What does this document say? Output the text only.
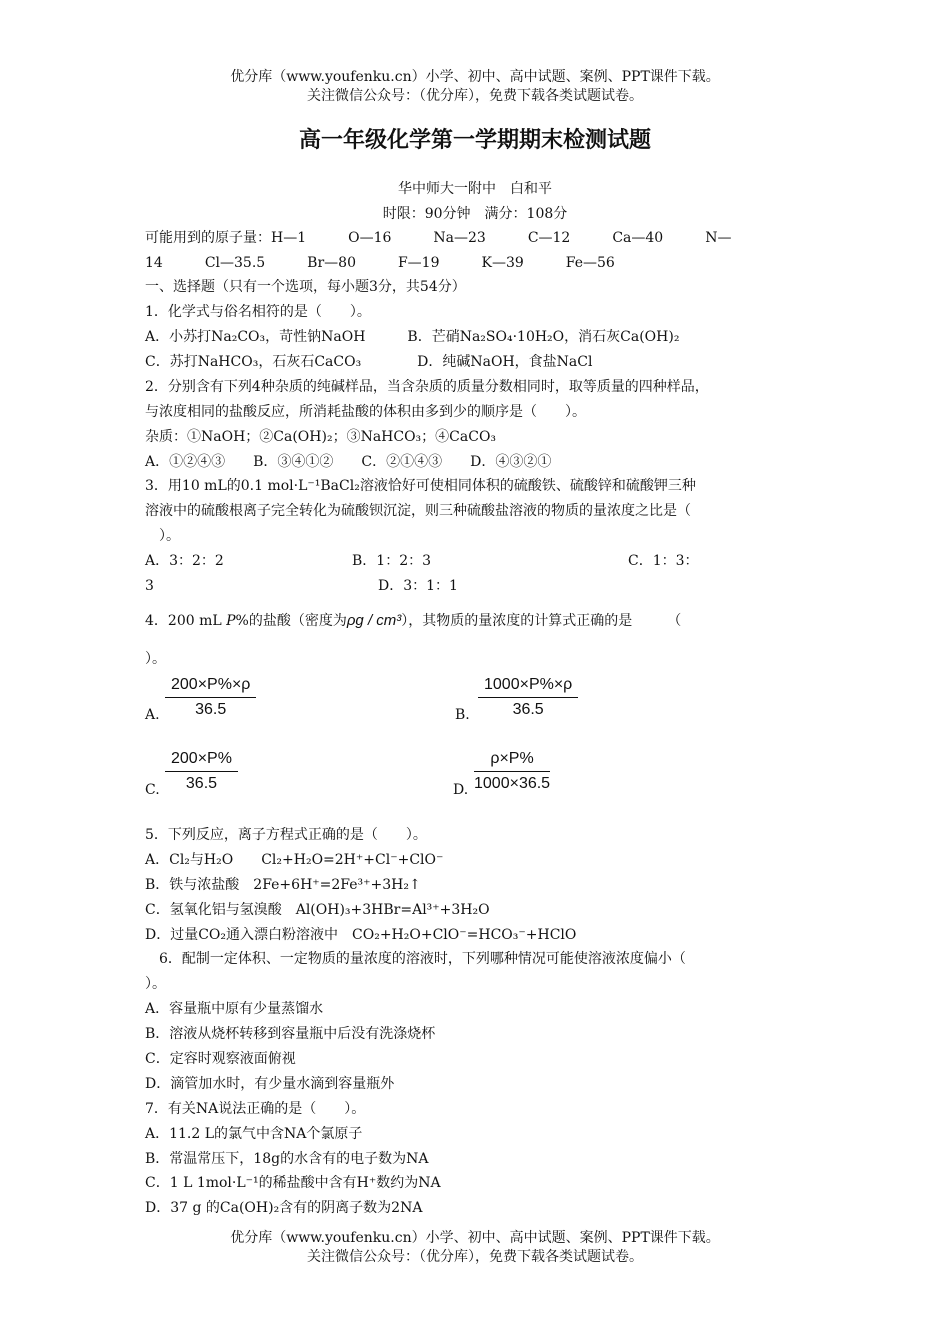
优分库（www.youfenku.cn）小学、初中、高中试题、案例、PPT课件下载。
关注微信公众号：（优分库），免费下载各类试题试卷。
高一年级化学第一学期期末检测试题
华中师大一附中　白和平
时限：90分钟　满分：108分
可能用到的原子量：H—1　　　O—16　　　Na—23　　　C—12　　　Ca—40　　　N—
14　　　Cl—35.5　　　Br—80　　　F—19　　　K—39　　　Fe—56
一、选择题（只有一个选项，每小题3分，共54分）
1．化学式与俗名相符的是（　　）。
A．小苏打Na₂CO₃，苛性钠NaOH　　　B．芒硝Na₂SO₄·10H₂O，消石灰Ca(OH)₂
C．苏打NaHCO₃，石灰石CaCO₃　　　　D．纯碱NaOH，食盐NaCl
2．分别含有下列4种杂质的纯碱样品，当含杂质的质量分数相同时，取等质量的四种样品，
与浓度相同的盐酸反应，所消耗盐酸的体积由多到少的顺序是（　　）。
杂质：①NaOH；②Ca(OH)₂；③NaHCO₃；④CaCO₃
A．①②④③　　B．③④①②　　C．②①④③　　D．④③②①
3．用10 mL的0.1 mol·L⁻¹BaCl₂溶液恰好可使相同体积的硫酸铁、硫酸锌和硫酸钾三种
溶液中的硫酸根离子完全转化为硫酸钡沉淀，则三种硫酸盐溶液的物质的量浓度之比是（
　）。
A．3：2：2	B．1：2：3	C．1：3：
3	D．3：1：1
4．200 mL P%的盐酸（密度为ρg / cm³），其物质的量浓度的计算式正确的是　　　（
）。
A. $\frac{200\times P\%\times\rho}{36.5}$	B. $\frac{1000\times P\%\times\rho}{36.5}$
C. $\frac{200\times P\%}{36.5}$	D. $\frac{\rho\times P\%}{1000\times 36.5}$
5．下列反应，离子方程式正确的是（　　）。
A．Cl₂与H₂O　　Cl₂+H₂O=2H⁺+Cl⁻+ClO⁻
B．铁与浓盐酸　2Fe+6H⁺=2Fe³⁺+3H₂↑
C．氢氧化铝与氢溴酸　Al(OH)₃+3HBr=Al³⁺+3H₂O
D．过量CO₂通入漂白粉溶液中　CO₂+H₂O+ClO⁻=HCO₃⁻+HClO
　6．配制一定体积、一定物质的量浓度的溶液时，下列哪种情况可能使溶液浓度偏小（
）。
A．容量瓶中原有少量蒸馏水
B．溶液从烧杯转移到容量瓶中后没有洗涤烧杯
C．定容时观察液面俯视
D．滴管加水时，有少量水滴到容量瓶外
7．有关NA说法正确的是（　　）。
A．11.2 L的氯气中含NA个氯原子
B．常温常压下，18g的水含有的电子数为NA
C．1 L 1mol·L⁻¹的稀盐酸中含有H⁺数约为NA
D．37 g 的Ca(OH)₂含有的阴离子数为2NA
优分库（www.youfenku.cn）小学、初中、高中试题、案例、PPT课件下载。
关注微信公众号：（优分库），免费下载各类试题试卷。
